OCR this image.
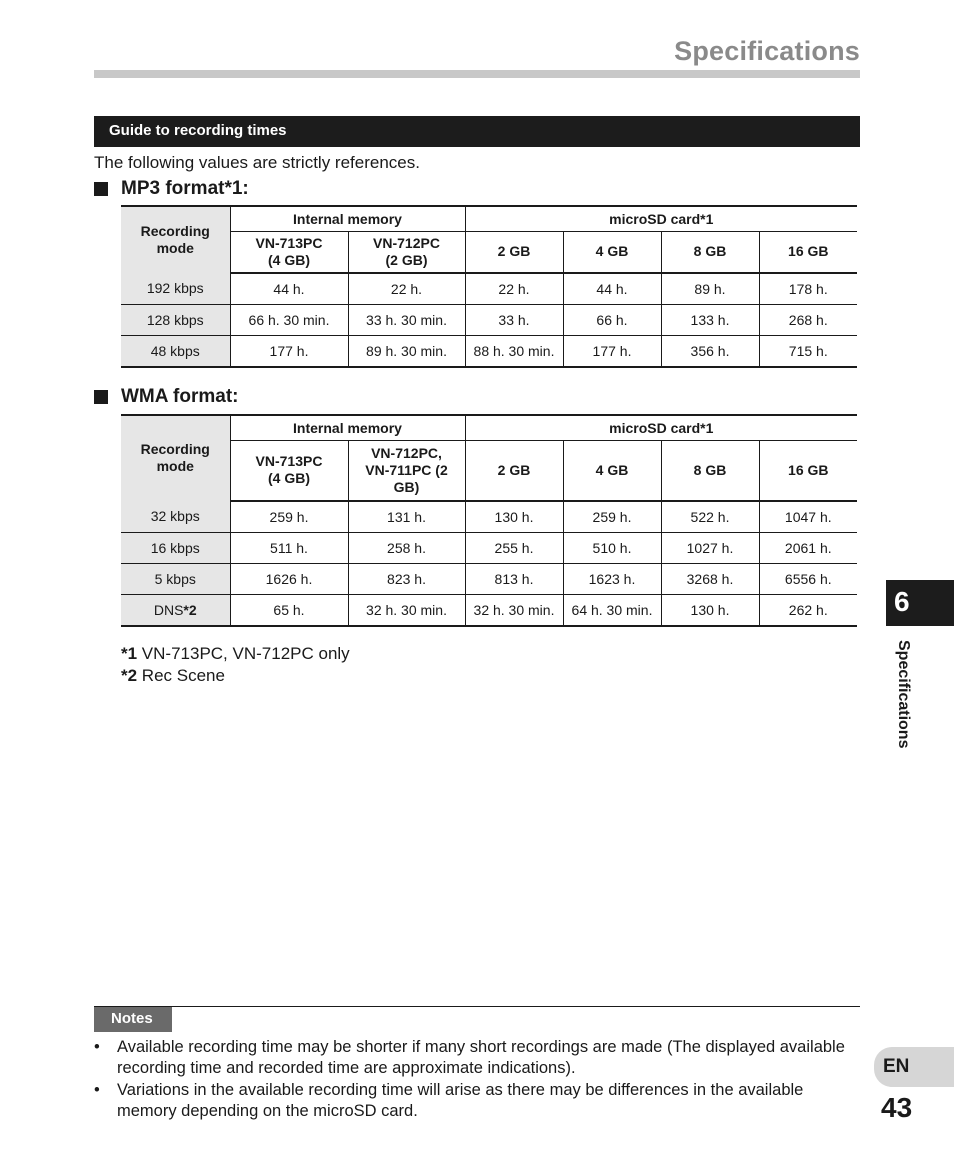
Specifications
Guide to recording times
The following values are strictly references.
MP3 format*1:
Recording mode	Internal memory		microSD card*1			
	VN-713PC (4 GB)	VN-712PC (2 GB)	2 GB	4 GB	8 GB	16 GB
192 kbps	44 h.	22 h.	22 h.	44 h.	89 h.	178 h.
128 kbps	66 h. 30 min.	33 h. 30 min.	33 h.	66 h.	133 h.	268 h.
48 kbps	177 h.	89 h. 30 min.	88 h. 30 min.	177 h.	356 h.	715 h.
WMA format:
Recording mode	Internal memory		microSD card*1			
	VN-713PC (4 GB)	VN-712PC, VN-711PC (2 GB)	2 GB	4 GB	8 GB	16 GB
32 kbps	259 h.	131 h.	130 h.	259 h.	522 h.	1047 h.
16 kbps	511 h.	258 h.	255 h.	510 h.	1027 h.	2061 h.
5 kbps	1626 h.	823 h.	813 h.	1623 h.	3268 h.	6556 h.
DNS*2	65 h.	32 h. 30 min.	32 h. 30 min.	64 h. 30 min.	130 h.	262 h.
*1 VN-713PC, VN-712PC only
*2 Rec Scene
6
Specifications
EN
43
Notes
• Available recording time may be shorter if many short recordings are made (The displayed available recording time and recorded time are approximate indications).
• Variations in the available recording time will arise as there may be differences in the available memory depending on the microSD card.
